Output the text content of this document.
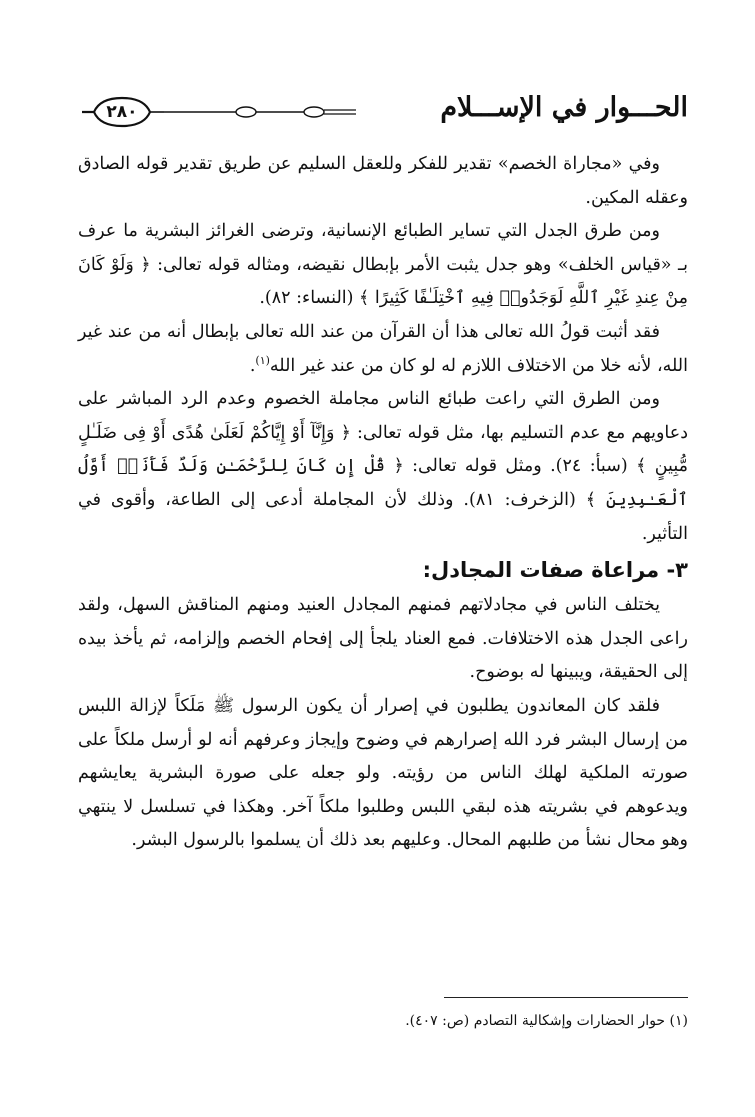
٢٨٠	الحـــوار في الإســـلام

وفي «مجاراة الخصم» تقدير للفكر وللعقل السليم عن طريق تقدير قوله الصادق وعقله المكين.

ومن طرق الجدل التي تساير الطبائع الإنسانية، وترضى الغرائز البشرية ما عرف بـ «قياس الخلف» وهو جدل يثبت الأمر بإبطال نقيضه، ومثاله قوله تعالى: ﴿ وَلَوْ كَانَ مِنْ عِندِ غَيْرِ ٱللَّهِ لَوَجَدُوا۟ فِيهِ ٱخْتِلَـٰفًا كَثِيرًا ﴾ (النساء: ٨٢).

فقد أثبت قولُ الله تعالى هذا أن القرآن من عند الله تعالى بإبطال أنه من عند غير الله، لأنه خلا من الاختلاف اللازم له لو كان من عند غير الله$^{(١)}$.

ومن الطرق التي راعت طبائع الناس مجاملة الخصوم وعدم الرد المباشر على دعاويهم مع عدم التسليم بها، مثل قوله تعالى: ﴿ وَإِنَّآ أَوْ إِيَّاكُمْ لَعَلَىٰ هُدًى أَوْ فِى ضَلَـٰلٍ مُّبِينٍ ﴾ (سبأ: ٢٤). ومثل قوله تعالى: ﴿ قُلْ إِن كَانَ لِلرَّحْمَـٰنِ وَلَدٌ فَأَنَا۠ أَوَّلُ ٱلْعَـٰبِدِينَ ﴾ (الزخرف: ٨١). وذلك لأن المجاملة أدعى إلى الطاعة، وأقوى في التأثير.

٣- مراعاة صفات المجادل:

يختلف الناس في مجادلاتهم فمنهم المجادل العنيد ومنهم المناقش السهل، ولقد راعى الجدل هذه الاختلافات. فمع العناد يلجأ إلى إفحام الخصم وإلزامه، ثم يأخذ بيده إلى الحقيقة، ويبينها له بوضوح.

فلقد كان المعاندون يطلبون في إصرار أن يكون الرسول ﷺ مَلَكاً لإزالة اللبس من إرسال البشر فرد الله إصرارهم في وضوح وإيجاز وعرفهم أنه لو أرسل ملكاً على صورته الملكية لهلك الناس من رؤيته. ولو جعله على صورة البشرية يعايشهم ويدعوهم في بشريته هذه لبقي اللبس وطلبوا ملكاً آخر. وهكذا في تسلسل لا ينتهي وهو محال نشأ من طلبهم المحال. وعليهم بعد ذلك أن يسلموا بالرسول البشر.

(١) حوار الحضارات وإشكالية التصادم (ص: ٤٠٧).
